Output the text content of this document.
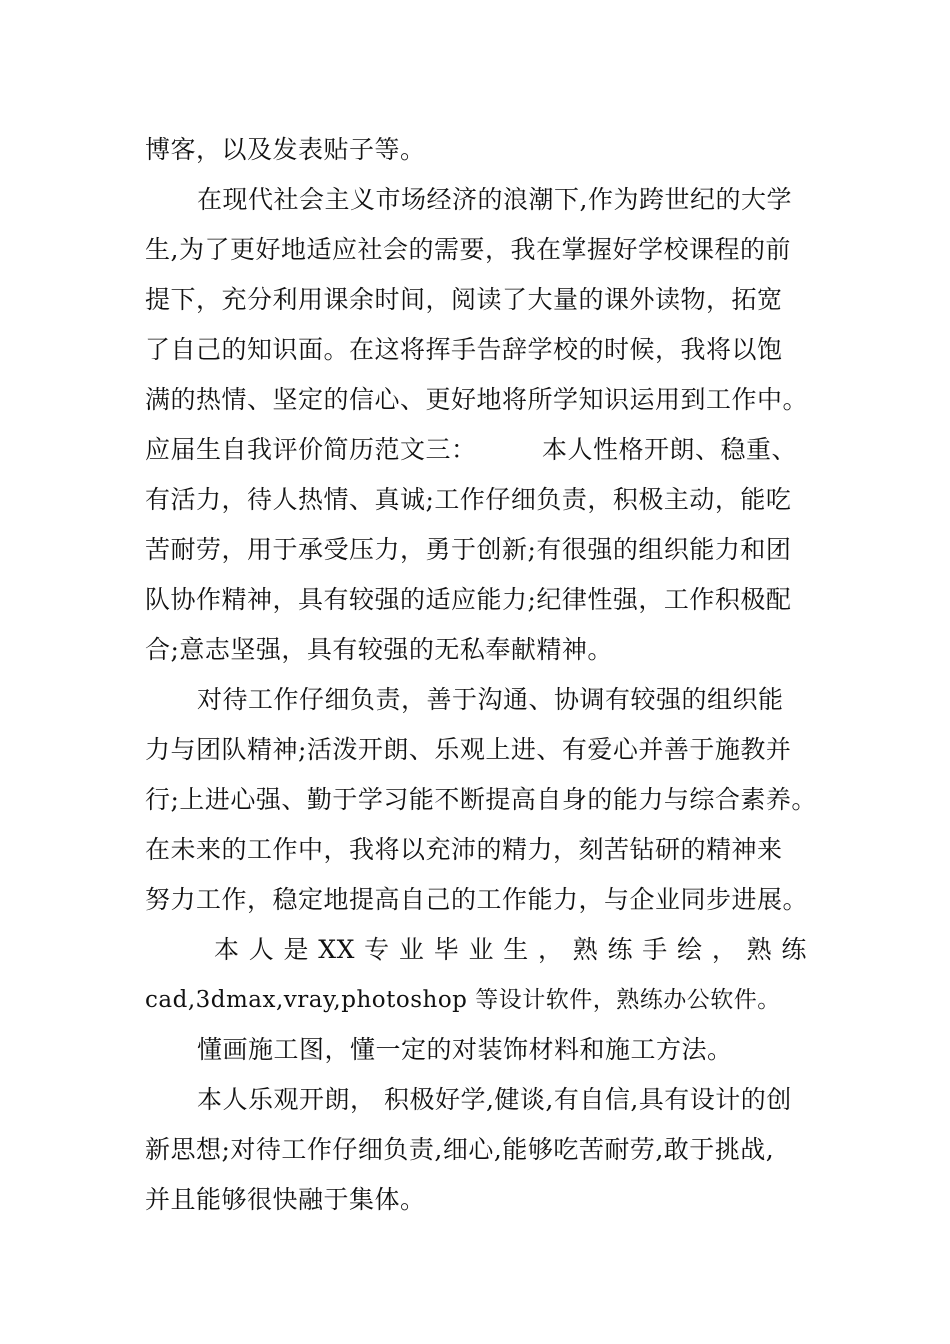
博客，以及发表贴子等。
在现代社会主义市场经济的浪潮下,作为跨世纪的大学
生,为了更好地适应社会的需要，我在掌握好学校课程的前
提下，充分利用课余时间，阅读了大量的课外读物，拓宽
了自己的知识面。在这将挥手告辞学校的时候，我将以饱
满的热情、坚定的信心、更好地将所学知识运用到工作中。
应届生自我评价简历范文三：	本人性格开朗、稳重、
有活力，待人热情、真诚;工作仔细负责，积极主动，能吃
苦耐劳，用于承受压力，勇于创新;有很强的组织能力和团
队协作精神，具有较强的适应能力;纪律性强，工作积极配
合;意志坚强，具有较强的无私奉献精神。
对待工作仔细负责，善于沟通、协调有较强的组织能
力与团队精神;活泼开朗、乐观上进、有爱心并善于施教并
行;上进心强、勤于学习能不断提高自身的能力与综合素养。
在未来的工作中，我将以充沛的精力，刻苦钻研的精神来
努力工作，稳定地提高自己的工作能力，与企业同步进展。
本 人 是 XX 专 业 毕 业 生 ， 熟 练 手 绘 ， 熟 练
cad,3dmax,vray,photoshop 等设计软件，熟练办公软件。
懂画施工图，懂一定的对装饰材料和施工方法。
本人乐观开朗， 积极好学,健谈,有自信,具有设计的创
新思想;对待工作仔细负责,细心,能够吃苦耐劳,敢于挑战,
并且能够很快融于集体。
